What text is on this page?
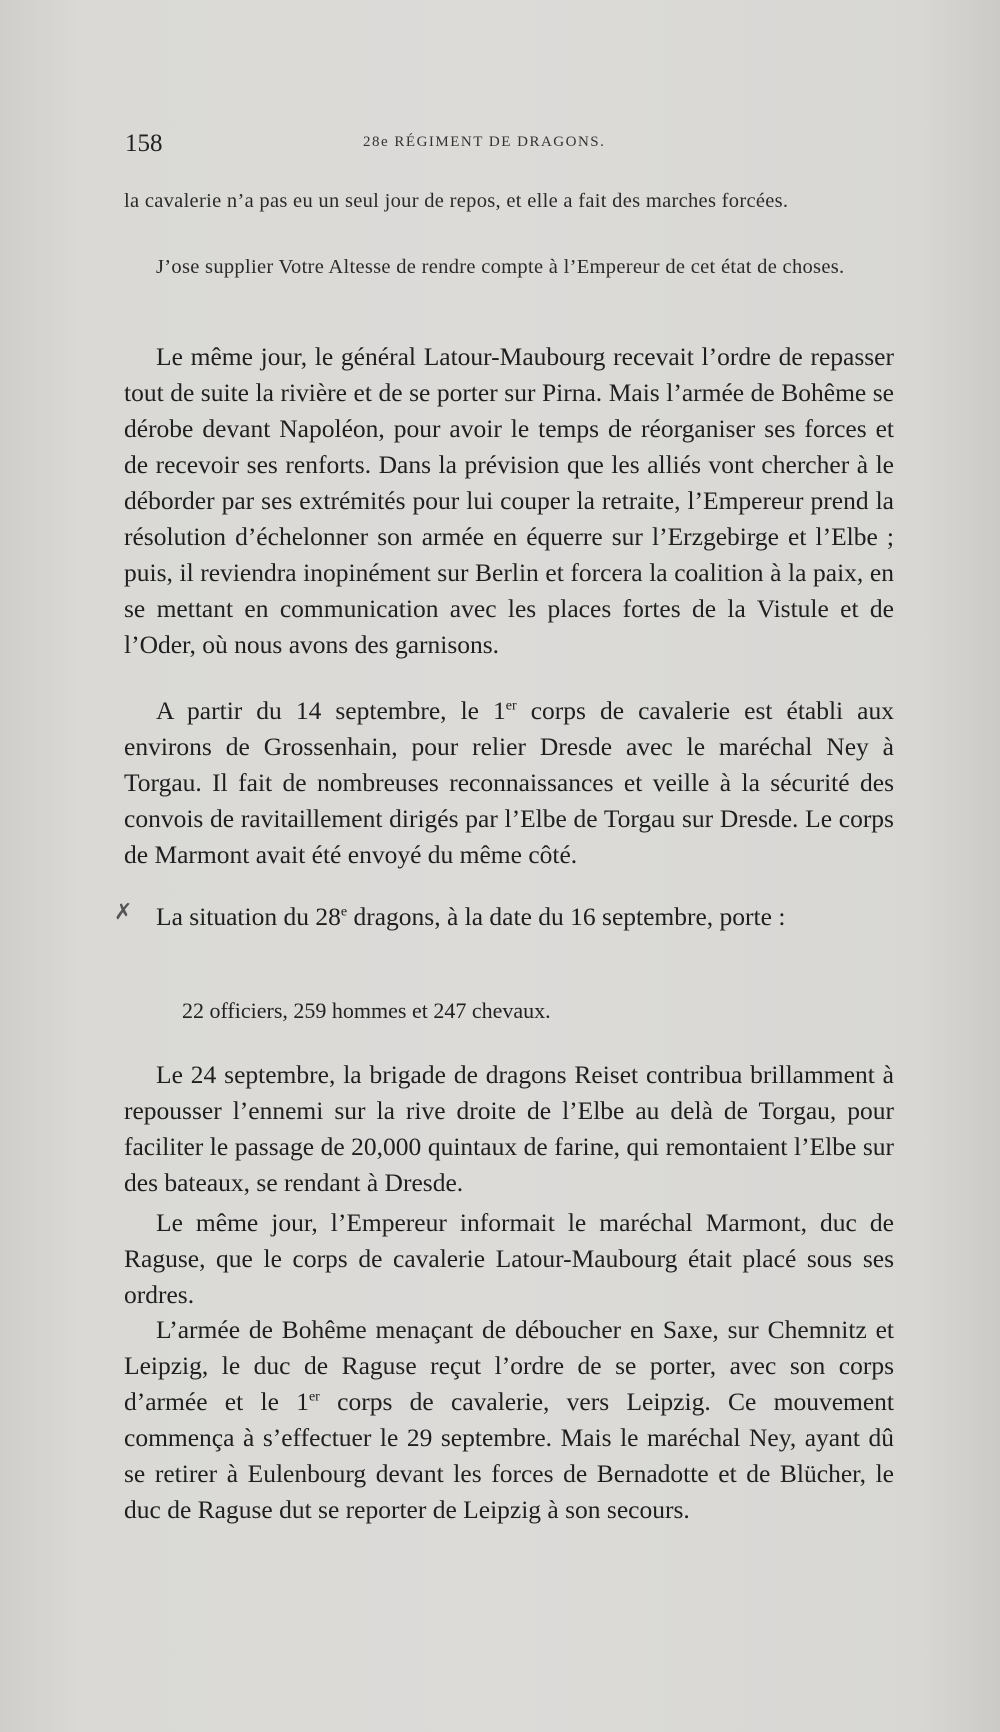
158	28e RÉGIMENT DE DRAGONS.

la cavalerie n’a pas eu un seul jour de repos, et elle a fait des marches forcées.

J’ose supplier Votre Altesse de rendre compte à l’Empereur de cet état de choses.

Le même jour, le général Latour-Maubourg recevait l’ordre de repasser tout de suite la rivière et de se porter sur Pirna. Mais l’armée de Bohême se dérobe devant Napoléon, pour avoir le temps de réorganiser ses forces et de recevoir ses renforts. Dans la prévision que les alliés vont chercher à le déborder par ses extrémités pour lui couper la retraite, l’Empereur prend la résolution d’échelonner son armée en équerre sur l’Erzgebirge et l’Elbe ; puis, il reviendra inopinément sur Berlin et forcera la coalition à la paix, en se mettant en communication avec les places fortes de la Vistule et de l’Oder, où nous avons des garnisons.

A partir du 14 septembre, le 1er corps de cavalerie est établi aux environs de Grossenhain, pour relier Dresde avec le maréchal Ney à Torgau. Il fait de nombreuses reconnaissances et veille à la sécurité des convois de ravitaillement dirigés par l’Elbe de Torgau sur Dresde. Le corps de Marmont avait été envoyé du même côté.

✗ La situation du 28e dragons, à la date du 16 septembre, porte :

22 officiers, 259 hommes et 247 chevaux.

Le 24 septembre, la brigade de dragons Reiset contribua brillamment à repousser l’ennemi sur la rive droite de l’Elbe au delà de Torgau, pour faciliter le passage de 20,000 quintaux de farine, qui remontaient l’Elbe sur des bateaux, se rendant à Dresde.

Le même jour, l’Empereur informait le maréchal Marmont, duc de Raguse, que le corps de cavalerie Latour-Maubourg était placé sous ses ordres.

L’armée de Bohême menaçant de déboucher en Saxe, sur Chemnitz et Leipzig, le duc de Raguse reçut l’ordre de se porter, avec son corps d’armée et le 1er corps de cavalerie, vers Leipzig. Ce mouvement commença à s’effectuer le 29 septembre. Mais le maréchal Ney, ayant dû se retirer à Eulenbourg devant les forces de Bernadotte et de Blücher, le duc de Raguse dut se reporter de Leipzig à son secours.
